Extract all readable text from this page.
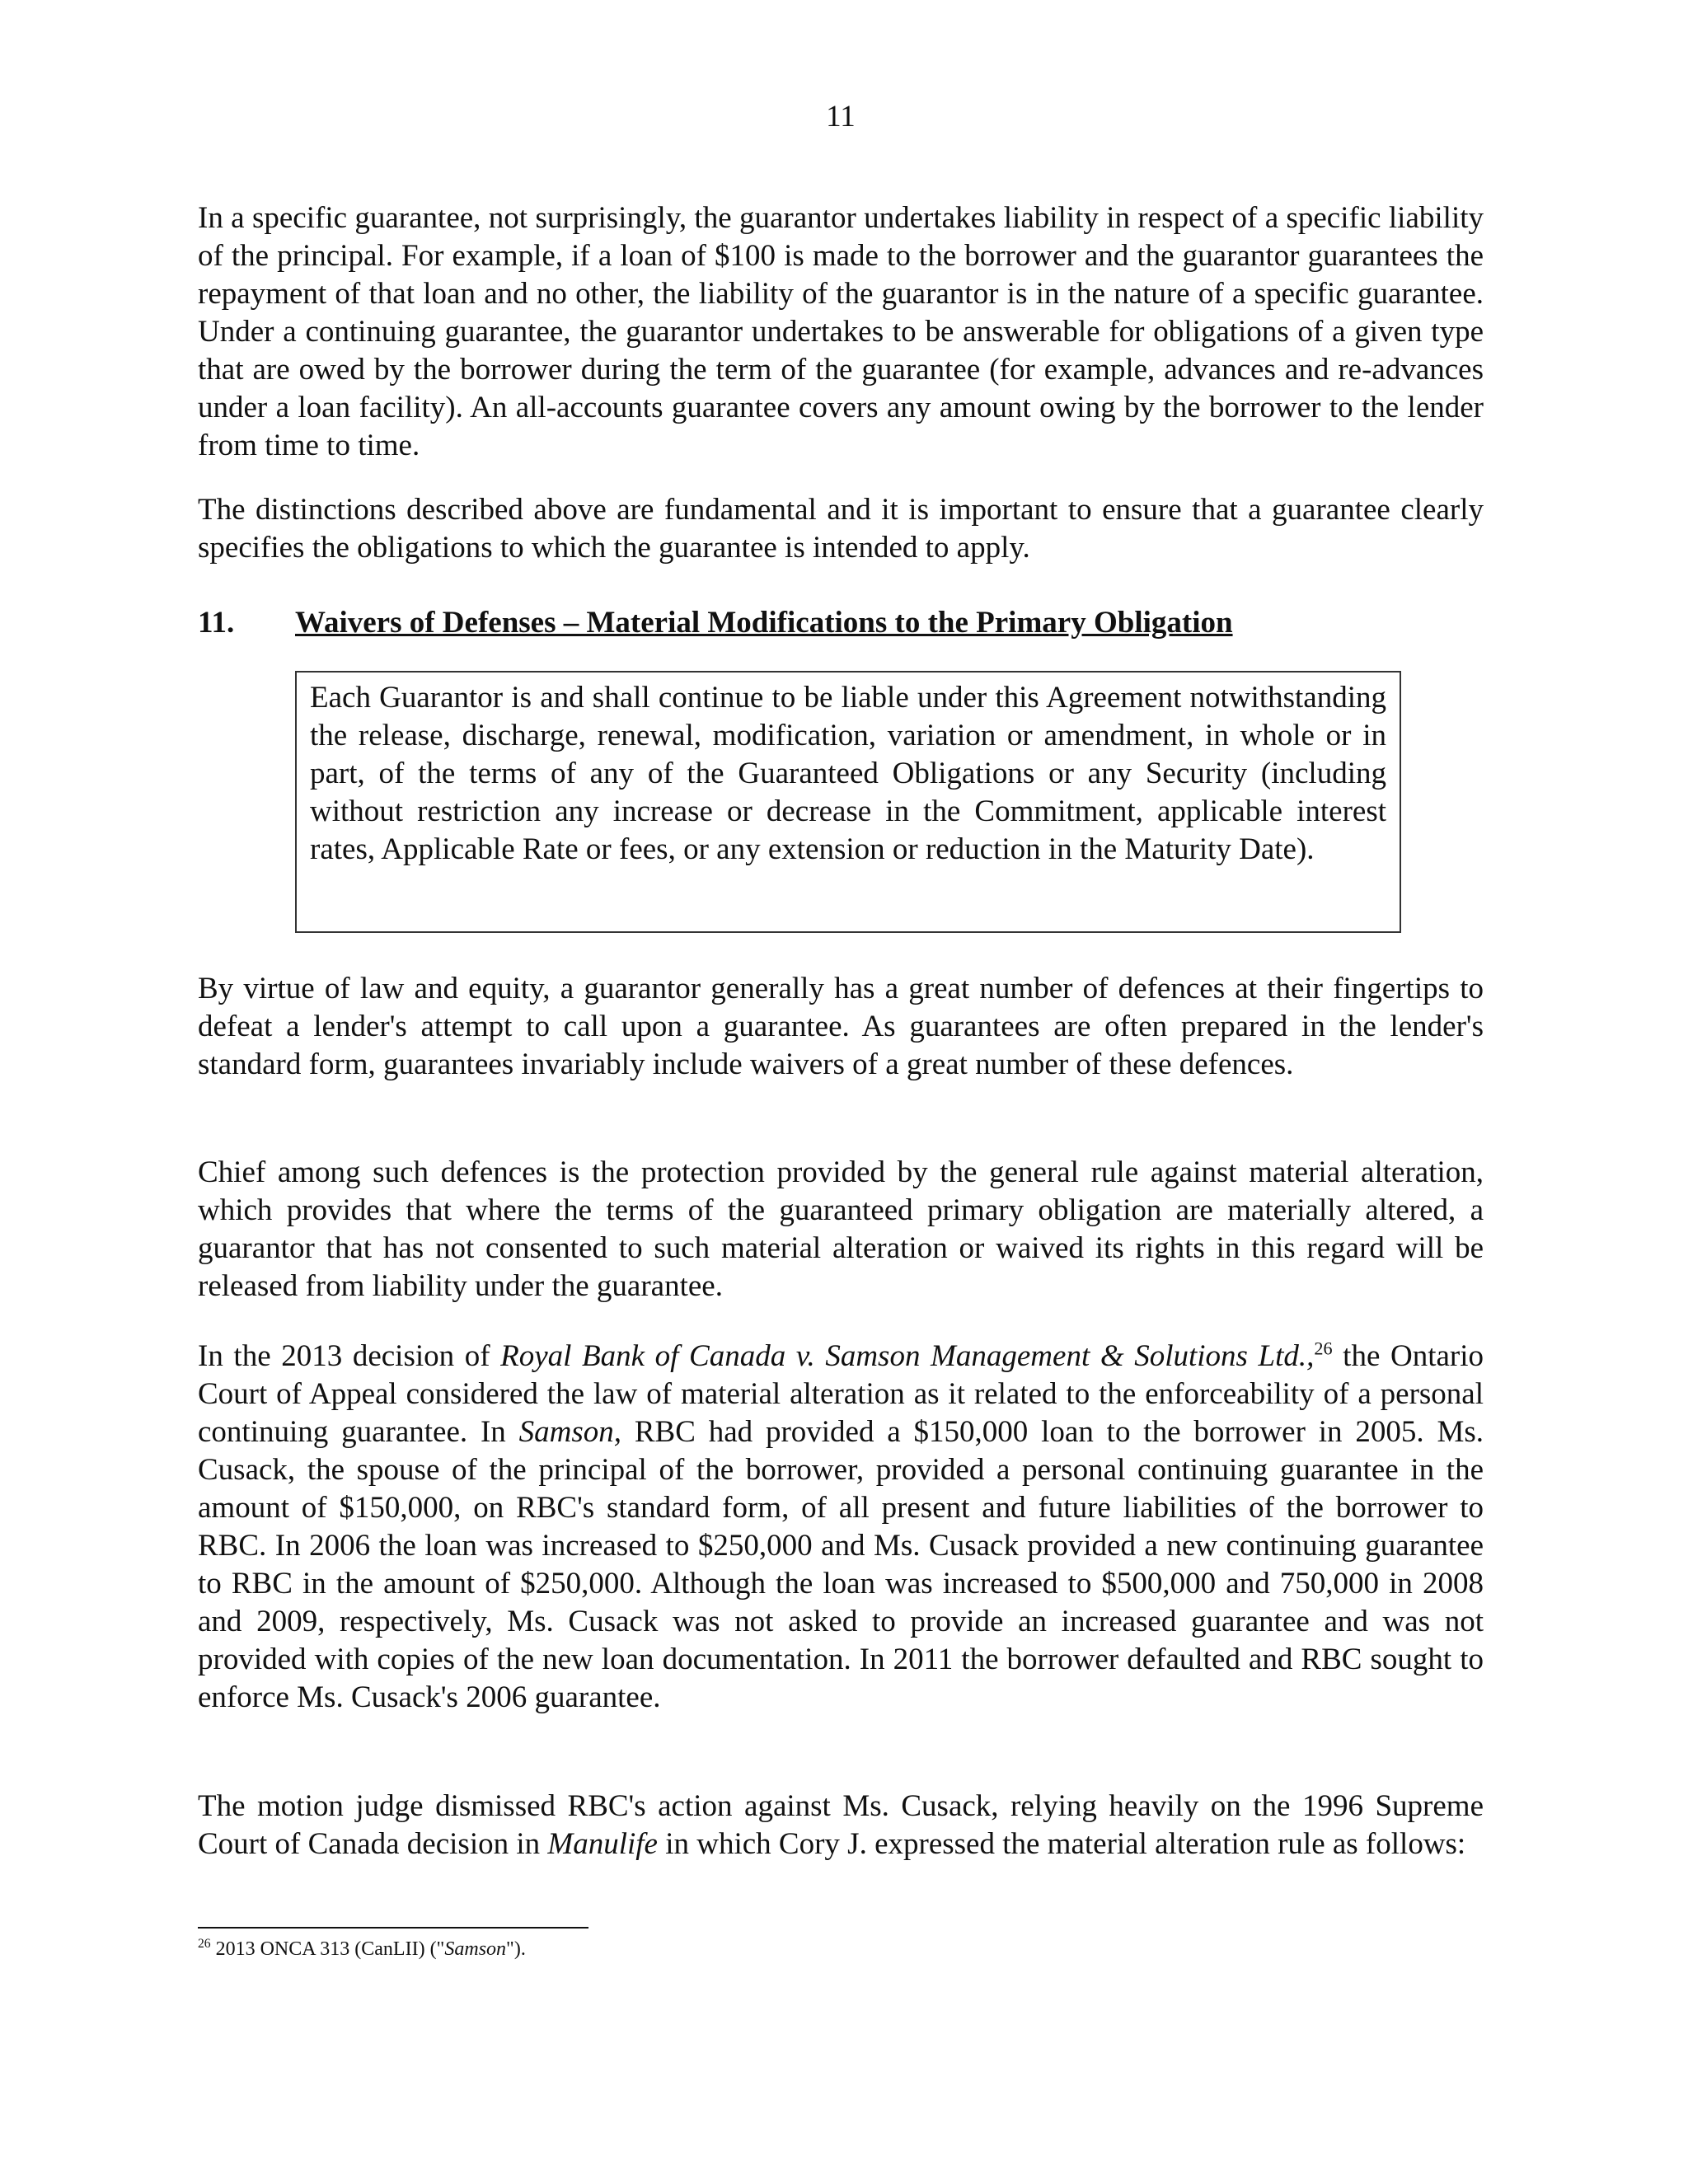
11

In a specific guarantee, not surprisingly, the guarantor undertakes liability in respect of a specific liability of the principal. For example, if a loan of $100 is made to the borrower and the guarantor guarantees the repayment of that loan and no other, the liability of the guarantor is in the nature of a specific guarantee. Under a continuing guarantee, the guarantor undertakes to be answerable for obligations of a given type that are owed by the borrower during the term of the guarantee (for example, advances and re-advances under a loan facility). An all-accounts guarantee covers any amount owing by the borrower to the lender from time to time.

The distinctions described above are fundamental and it is important to ensure that a guarantee clearly specifies the obligations to which the guarantee is intended to apply.

11. Waivers of Defenses – Material Modifications to the Primary Obligation

Each Guarantor is and shall continue to be liable under this Agreement notwithstanding the release, discharge, renewal, modification, variation or amendment, in whole or in part, of the terms of any of the Guaranteed Obligations or any Security (including without restriction any increase or decrease in the Commitment, applicable interest rates, Applicable Rate or fees, or any extension or reduction in the Maturity Date).

By virtue of law and equity, a guarantor generally has a great number of defences at their fingertips to defeat a lender's attempt to call upon a guarantee. As guarantees are often prepared in the lender's standard form, guarantees invariably include waivers of a great number of these defences.

Chief among such defences is the protection provided by the general rule against material alteration, which provides that where the terms of the guaranteed primary obligation are materially altered, a guarantor that has not consented to such material alteration or waived its rights in this regard will be released from liability under the guarantee.

In the 2013 decision of Royal Bank of Canada v. Samson Management & Solutions Ltd.,$^{26}$ the Ontario Court of Appeal considered the law of material alteration as it related to the enforceability of a personal continuing guarantee. In Samson, RBC had provided a $150,000 loan to the borrower in 2005. Ms. Cusack, the spouse of the principal of the borrower, provided a personal continuing guarantee in the amount of $150,000, on RBC's standard form, of all present and future liabilities of the borrower to RBC. In 2006 the loan was increased to $250,000 and Ms. Cusack provided a new continuing guarantee to RBC in the amount of $250,000. Although the loan was increased to $500,000 and 750,000 in 2008 and 2009, respectively, Ms. Cusack was not asked to provide an increased guarantee and was not provided with copies of the new loan documentation. In 2011 the borrower defaulted and RBC sought to enforce Ms. Cusack's 2006 guarantee.

The motion judge dismissed RBC's action against Ms. Cusack, relying heavily on the 1996 Supreme Court of Canada decision in Manulife in which Cory J. expressed the material alteration rule as follows:

$^{26}$ 2013 ONCA 313 (CanLII) ("Samson").
